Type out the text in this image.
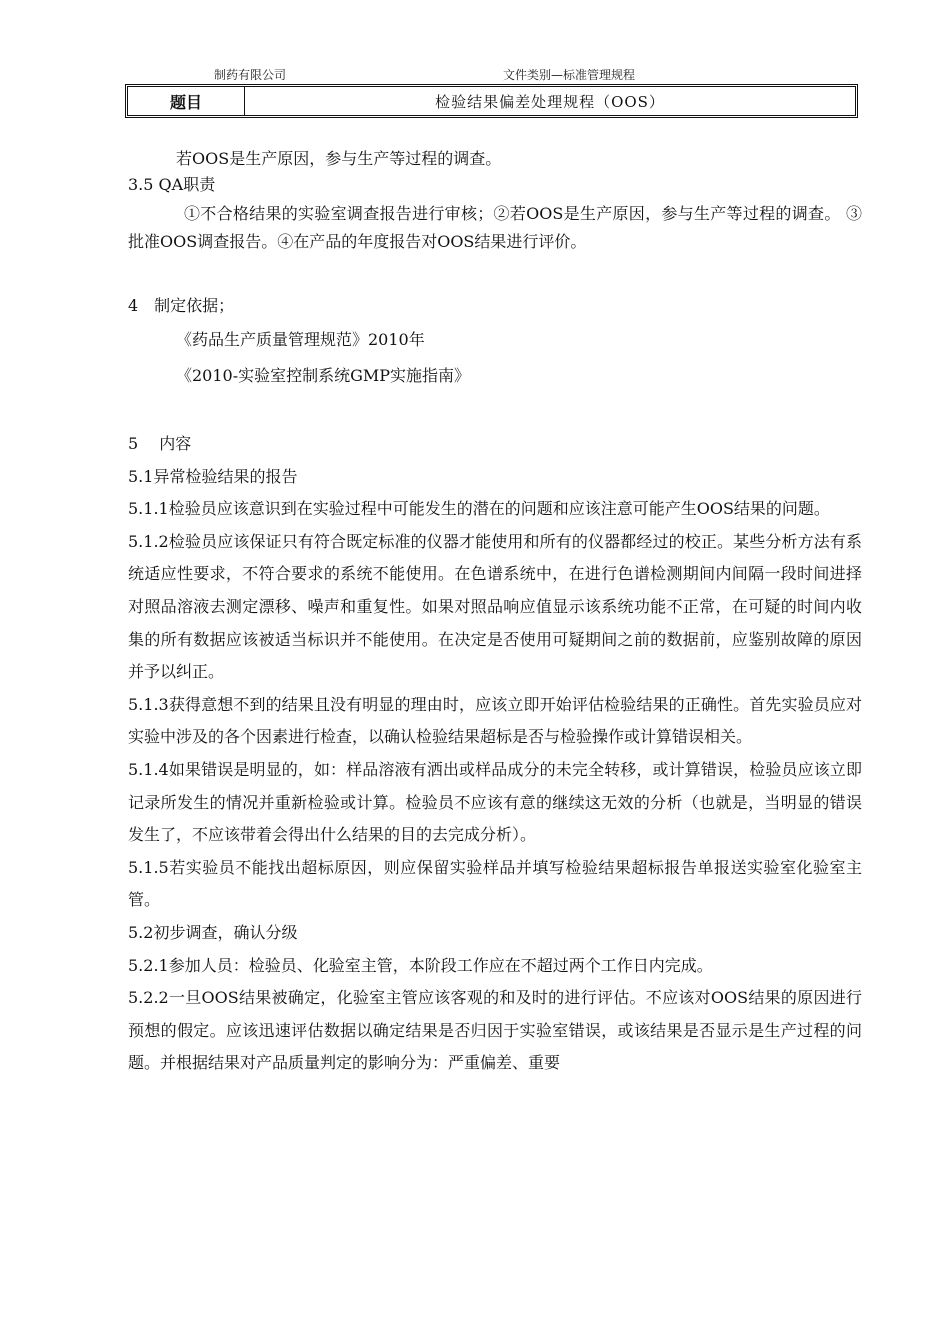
制药有限公司	文件类别—标准管理规程
题目	检验结果偏差处理规程（OOS）

若OOS是生产原因，参与生产等过程的调查。

3.5 QA职责

①不合格结果的实验室调查报告进行审核；②若OOS是生产原因，参与生产等过程的调查。 ③批准OOS调查报告。④在产品的年度报告对OOS结果进行评价。

4　制定依据；

《药品生产质量管理规范》2010年

《2010-实验室控制系统GMP实施指南》

5　 内容

5.1异常检验结果的报告

5.1.1检验员应该意识到在实验过程中可能发生的潜在的问题和应该注意可能产生OOS结果的问题。

5.1.2检验员应该保证只有符合既定标准的仪器才能使用和所有的仪器都经过的校正。某些分析方法有系统适应性要求，不符合要求的系统不能使用。在色谱系统中，在进行色谱检测期间内间隔一段时间进择对照品溶液去测定漂移、噪声和重复性。如果对照品响应值显示该系统功能不正常，在可疑的时间内收集的所有数据应该被适当标识并不能使用。在决定是否使用可疑期间之前的数据前，应鉴别故障的原因并予以纠正。

5.1.3获得意想不到的结果且没有明显的理由时，应该立即开始评估检验结果的正确性。首先实验员应对实验中涉及的各个因素进行检查，以确认检验结果超标是否与检验操作或计算错误相关。

5.1.4如果错误是明显的，如：样品溶液有洒出或样品成分的未完全转移，或计算错误，检验员应该立即记录所发生的情况并重新检验或计算。检验员不应该有意的继续这无效的分析（也就是，当明显的错误发生了，不应该带着会得出什么结果的目的去完成分析）。

5.1.5若实验员不能找出超标原因，则应保留实验样品并填写检验结果超标报告单报送实验室化验室主管。

5.2初步调查，确认分级

5.2.1参加人员：检验员、化验室主管，本阶段工作应在不超过两个工作日内完成。

5.2.2一旦OOS结果被确定，化验室主管应该客观的和及时的进行评估。不应该对OOS结果的原因进行预想的假定。应该迅速评估数据以确定结果是否归因于实验室错误，或该结果是否显示是生产过程的问题。并根据结果对产品质量判定的影响分为：严重偏差、重要
